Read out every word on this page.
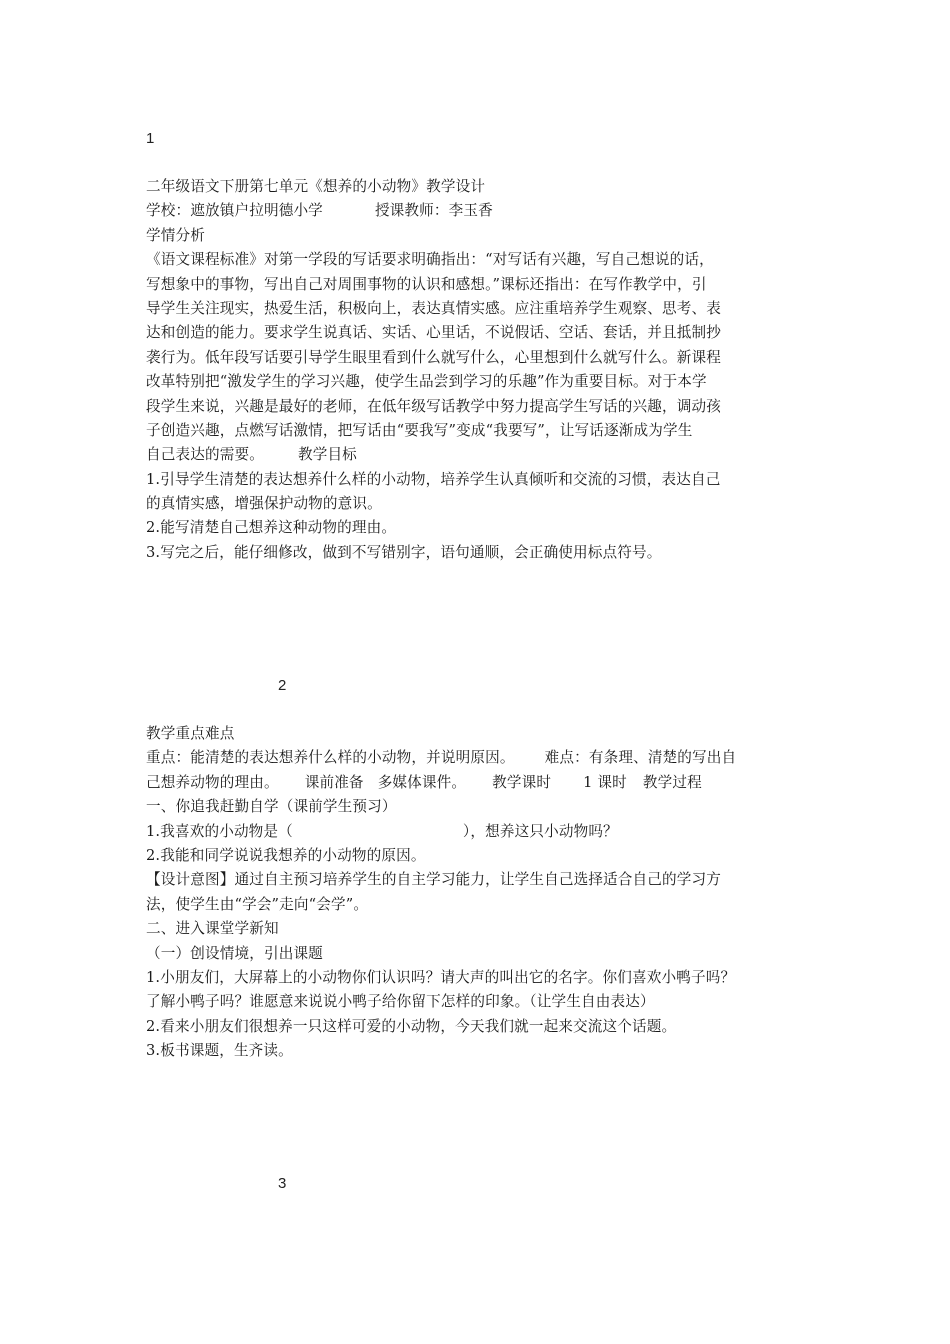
1

二年级语文下册第七单元《想养的小动物》教学设计

学校：遮放镇户拉明德小学	授课教师：李玉香

学情分析

《语文课程标准》对第一学段的写话要求明确指出：“对写话有兴趣，写自己想说的话，

写想象中的事物，写出自己对周围事物的认识和感想。”课标还指出：在写作教学中，引

导学生关注现实，热爱生活，积极向上，表达真情实感。应注重培养学生观察、思考、表

达和创造的能力。要求学生说真话、实话、心里话，不说假话、空话、套话，并且抵制抄

袭行为。低年段写话要引导学生眼里看到什么就写什么，心里想到什么就写什么。新课程

改革特别把“激发学生的学习兴趣，使学生品尝到学习的乐趣”作为重要目标。对于本学

段学生来说，兴趣是最好的老师，在低年级写话教学中努力提高学生写话的兴趣，调动孩

子创造兴趣，点燃写话激情，把写话由“要我写”变成“我要写”，让写话逐渐成为学生

自己表达的需要。 教学目标

1.引导学生清楚的表达想养什么样的小动物，培养学生认真倾听和交流的习惯，表达自己

的真情实感，增强保护动物的意识。

2.能写清楚自己想养这种动物的理由。

3.写完之后，能仔细修改，做到不写错别字，语句通顺，会正确使用标点符号。

2

教学重点难点

重点：能清楚的表达想养什么样的小动物，并说明原因。 难点：有条理、清楚的写出自

己想养动物的理由。 课前准备 多媒体课件。 教学课时 1 课时 教学过程

一、你追我赶勤自学（课前学生预习）

1.我喜欢的小动物是（	），想养这只小动物吗？

2.我能和同学说说我想养的小动物的原因。

【设计意图】通过自主预习培养学生的自主学习能力，让学生自己选择适合自己的学习方

法，使学生由“学会”走向“会学”。

二、进入课堂学新知

（一）创设情境，引出课题

1.小朋友们，大屏幕上的小动物你们认识吗？请大声的叫出它的名字。你们喜欢小鸭子吗？

了解小鸭子吗？谁愿意来说说小鸭子给你留下怎样的印象。（让学生自由表达）

2.看来小朋友们很想养一只这样可爱的小动物，今天我们就一起来交流这个话题。

3.板书课题，生齐读。

3
